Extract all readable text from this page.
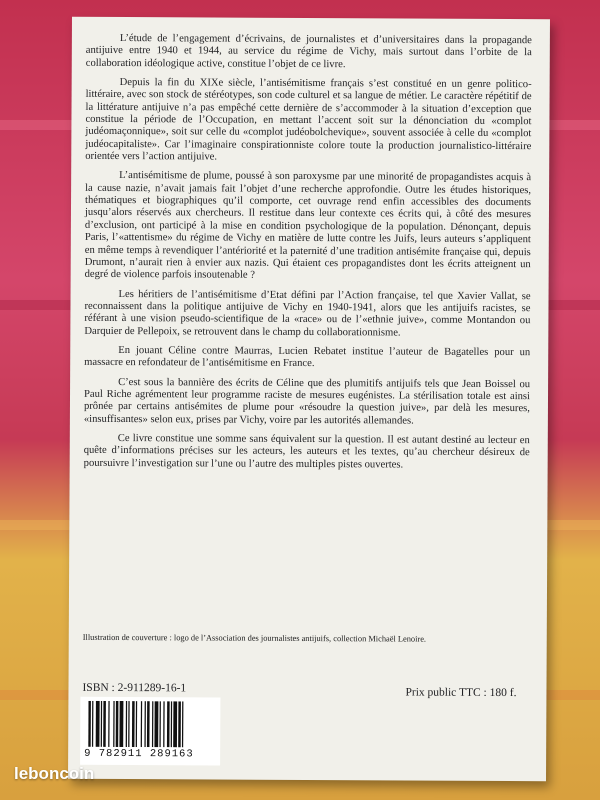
L’étude de l’engagement d’écrivains, de journalistes et d’universitaires dans la propagande antijuive entre 1940 et 1944, au service du régime de Vichy, mais surtout dans l’orbite de la collaboration idéologique active, constitue l’objet de ce livre.

Depuis la fin du XIXe siècle, l’antisémitisme français s’est constitué en un genre politico-littéraire, avec son stock de stéréotypes, son code culturel et sa langue de métier. Le caractère répétitif de la littérature antijuive n’a pas empêché cette dernière de s’accommoder à la situation d’exception que constitue la période de l’Occupation, en mettant l’accent soit sur la dénonciation du «complot judéomaçonnique», soit sur celle du «complot judéobolchevique», souvent associée à celle du «complot judéocapitaliste». Car l’imaginaire conspirationniste colore toute la production journalistico-littéraire orientée vers l’action antijuive.

L’antisémitisme de plume, poussé à son paroxysme par une minorité de propagandistes acquis à la cause nazie, n’avait jamais fait l’objet d’une recherche approfondie. Outre les études historiques, thématiques et biographiques qu’il comporte, cet ouvrage rend enfin accessibles des documents jusqu’alors réservés aux chercheurs. Il restitue dans leur contexte ces écrits qui, à côté des mesures d’exclusion, ont participé à la mise en condition psychologique de la population. Dénonçant, depuis Paris, l’«attentisme» du régime de Vichy en matière de lutte contre les Juifs, leurs auteurs s’appliquent en même temps à revendiquer l’antériorité et la paternité d’une tradition antisémite française qui, depuis Drumont, n’aurait rien à envier aux nazis. Qui étaient ces propagandistes dont les écrits atteignent un degré de violence parfois insoutenable ?

Les héritiers de l’antisémitisme d’Etat défini par l’Action française, tel que Xavier Vallat, se reconnaissent dans la politique antijuive de Vichy en 1940-1941, alors que les antijuifs racistes, se référant à une vision pseudo-scientifique de la «race» ou de l’«ethnie juive», comme Montandon ou Darquier de Pellepoix, se retrouvent dans le champ du collaborationnisme.

En jouant Céline contre Maurras, Lucien Rebatet institue l’auteur de Bagatelles pour un massacre en refondateur de l’antisémitisme en France.

C’est sous la bannière des écrits de Céline que des plumitifs antijuifs tels que Jean Boissel ou Paul Riche agrémentent leur programme raciste de mesures eugénistes. La stérilisation totale est ainsi prônée par certains antisémites de plume pour «résoudre la question juive», par delà les mesures, «insuffisantes» selon eux, prises par Vichy, voire par les autorités allemandes.

Ce livre constitue une somme sans équivalent sur la question. Il est autant destiné au lecteur en quête d’informations précises sur les acteurs, les auteurs et les textes, qu’au chercheur désireux de poursuivre l’investigation sur l’une ou l’autre des multiples pistes ouvertes.

Illustration de couverture : logo de l’Association des journalistes antijuifs, collection Michaël Lenoire.
ISBN : 2-911289-16-1	Prix public TTC : 180 f.
9 782911 289163
leboncoin
